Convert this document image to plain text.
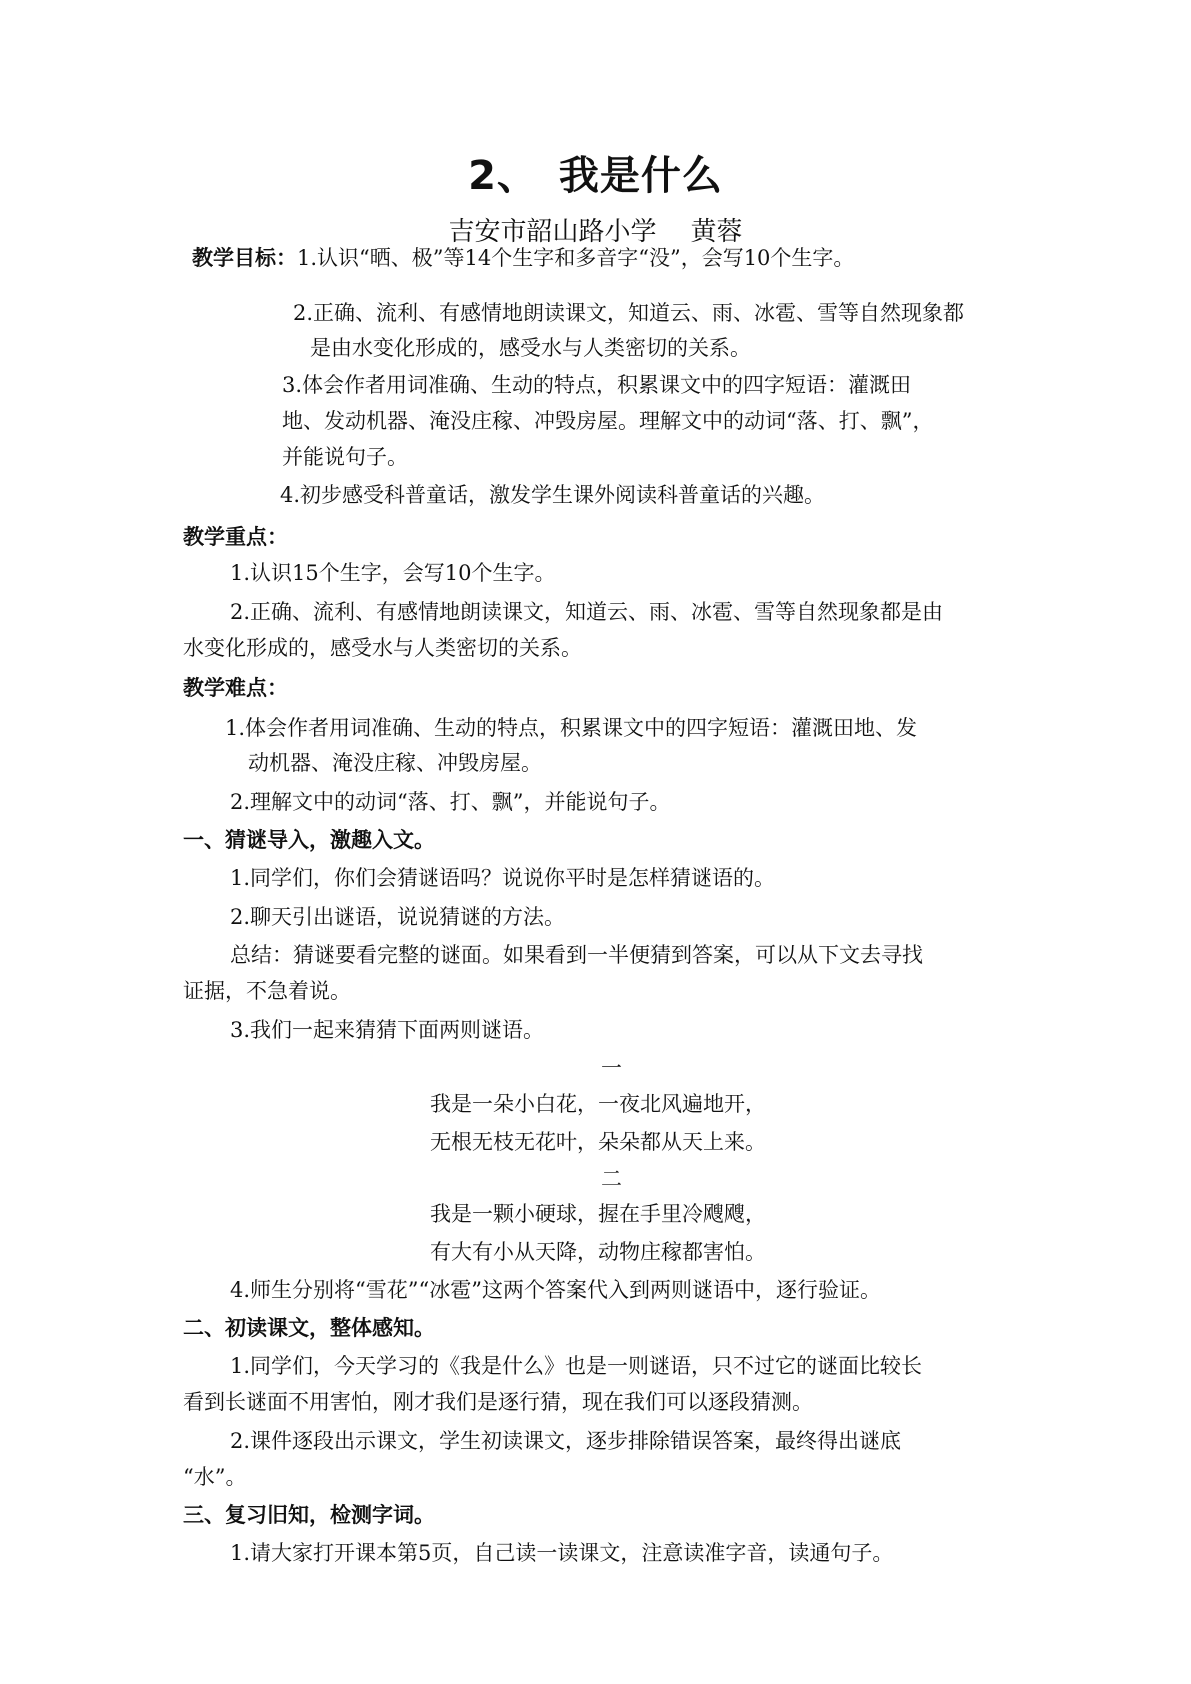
2、　我是什么
吉安市韶山路小学 黄蓉
教学目标：1.认识“晒、极”等14个生字和多音字“没”，会写10个生字。
2.正确、流利、有感情地朗读课文，知道云、雨、冰雹、雪等自然现象都
是由水变化形成的，感受水与人类密切的关系。
3.体会作者用词准确、生动的特点，积累课文中的四字短语：灌溉田
地、发动机器、淹没庄稼、冲毁房屋。理解文中的动词“落、打、飘”，
并能说句子。
4.初步感受科普童话，激发学生课外阅读科普童话的兴趣。
教学重点：
1.认识15个生字，会写10个生字。
2.正确、流利、有感情地朗读课文，知道云、雨、冰雹、雪等自然现象都是由
水变化形成的，感受水与人类密切的关系。
教学难点：
1.体会作者用词准确、生动的特点，积累课文中的四字短语：灌溉田地、发
动机器、淹没庄稼、冲毁房屋。
2.理解文中的动词“落、打、飘”，并能说句子。
一、猜谜导入，激趣入文。
1.同学们，你们会猜谜语吗？说说你平时是怎样猜谜语的。
2.聊天引出谜语，说说猜谜的方法。
总结：猜谜要看完整的谜面。如果看到一半便猜到答案，可以从下文去寻找
证据，不急着说。
3.我们一起来猜猜下面两则谜语。
一
我是一朵小白花，一夜北风遍地开，
无根无枝无花叶，朵朵都从天上来。
二
我是一颗小硬球，握在手里冷飕飕，
有大有小从天降，动物庄稼都害怕。
4.师生分别将“雪花”“冰雹”这两个答案代入到两则谜语中，逐行验证。
二、初读课文，整体感知。
1.同学们，今天学习的《我是什么》也是一则谜语，只不过它的谜面比较长
看到长谜面不用害怕，刚才我们是逐行猜，现在我们可以逐段猜测。
2.课件逐段出示课文，学生初读课文，逐步排除错误答案，最终得出谜底
“水”。
三、复习旧知，检测字词。
1.请大家打开课本第5页，自己读一读课文，注意读准字音，读通句子。
